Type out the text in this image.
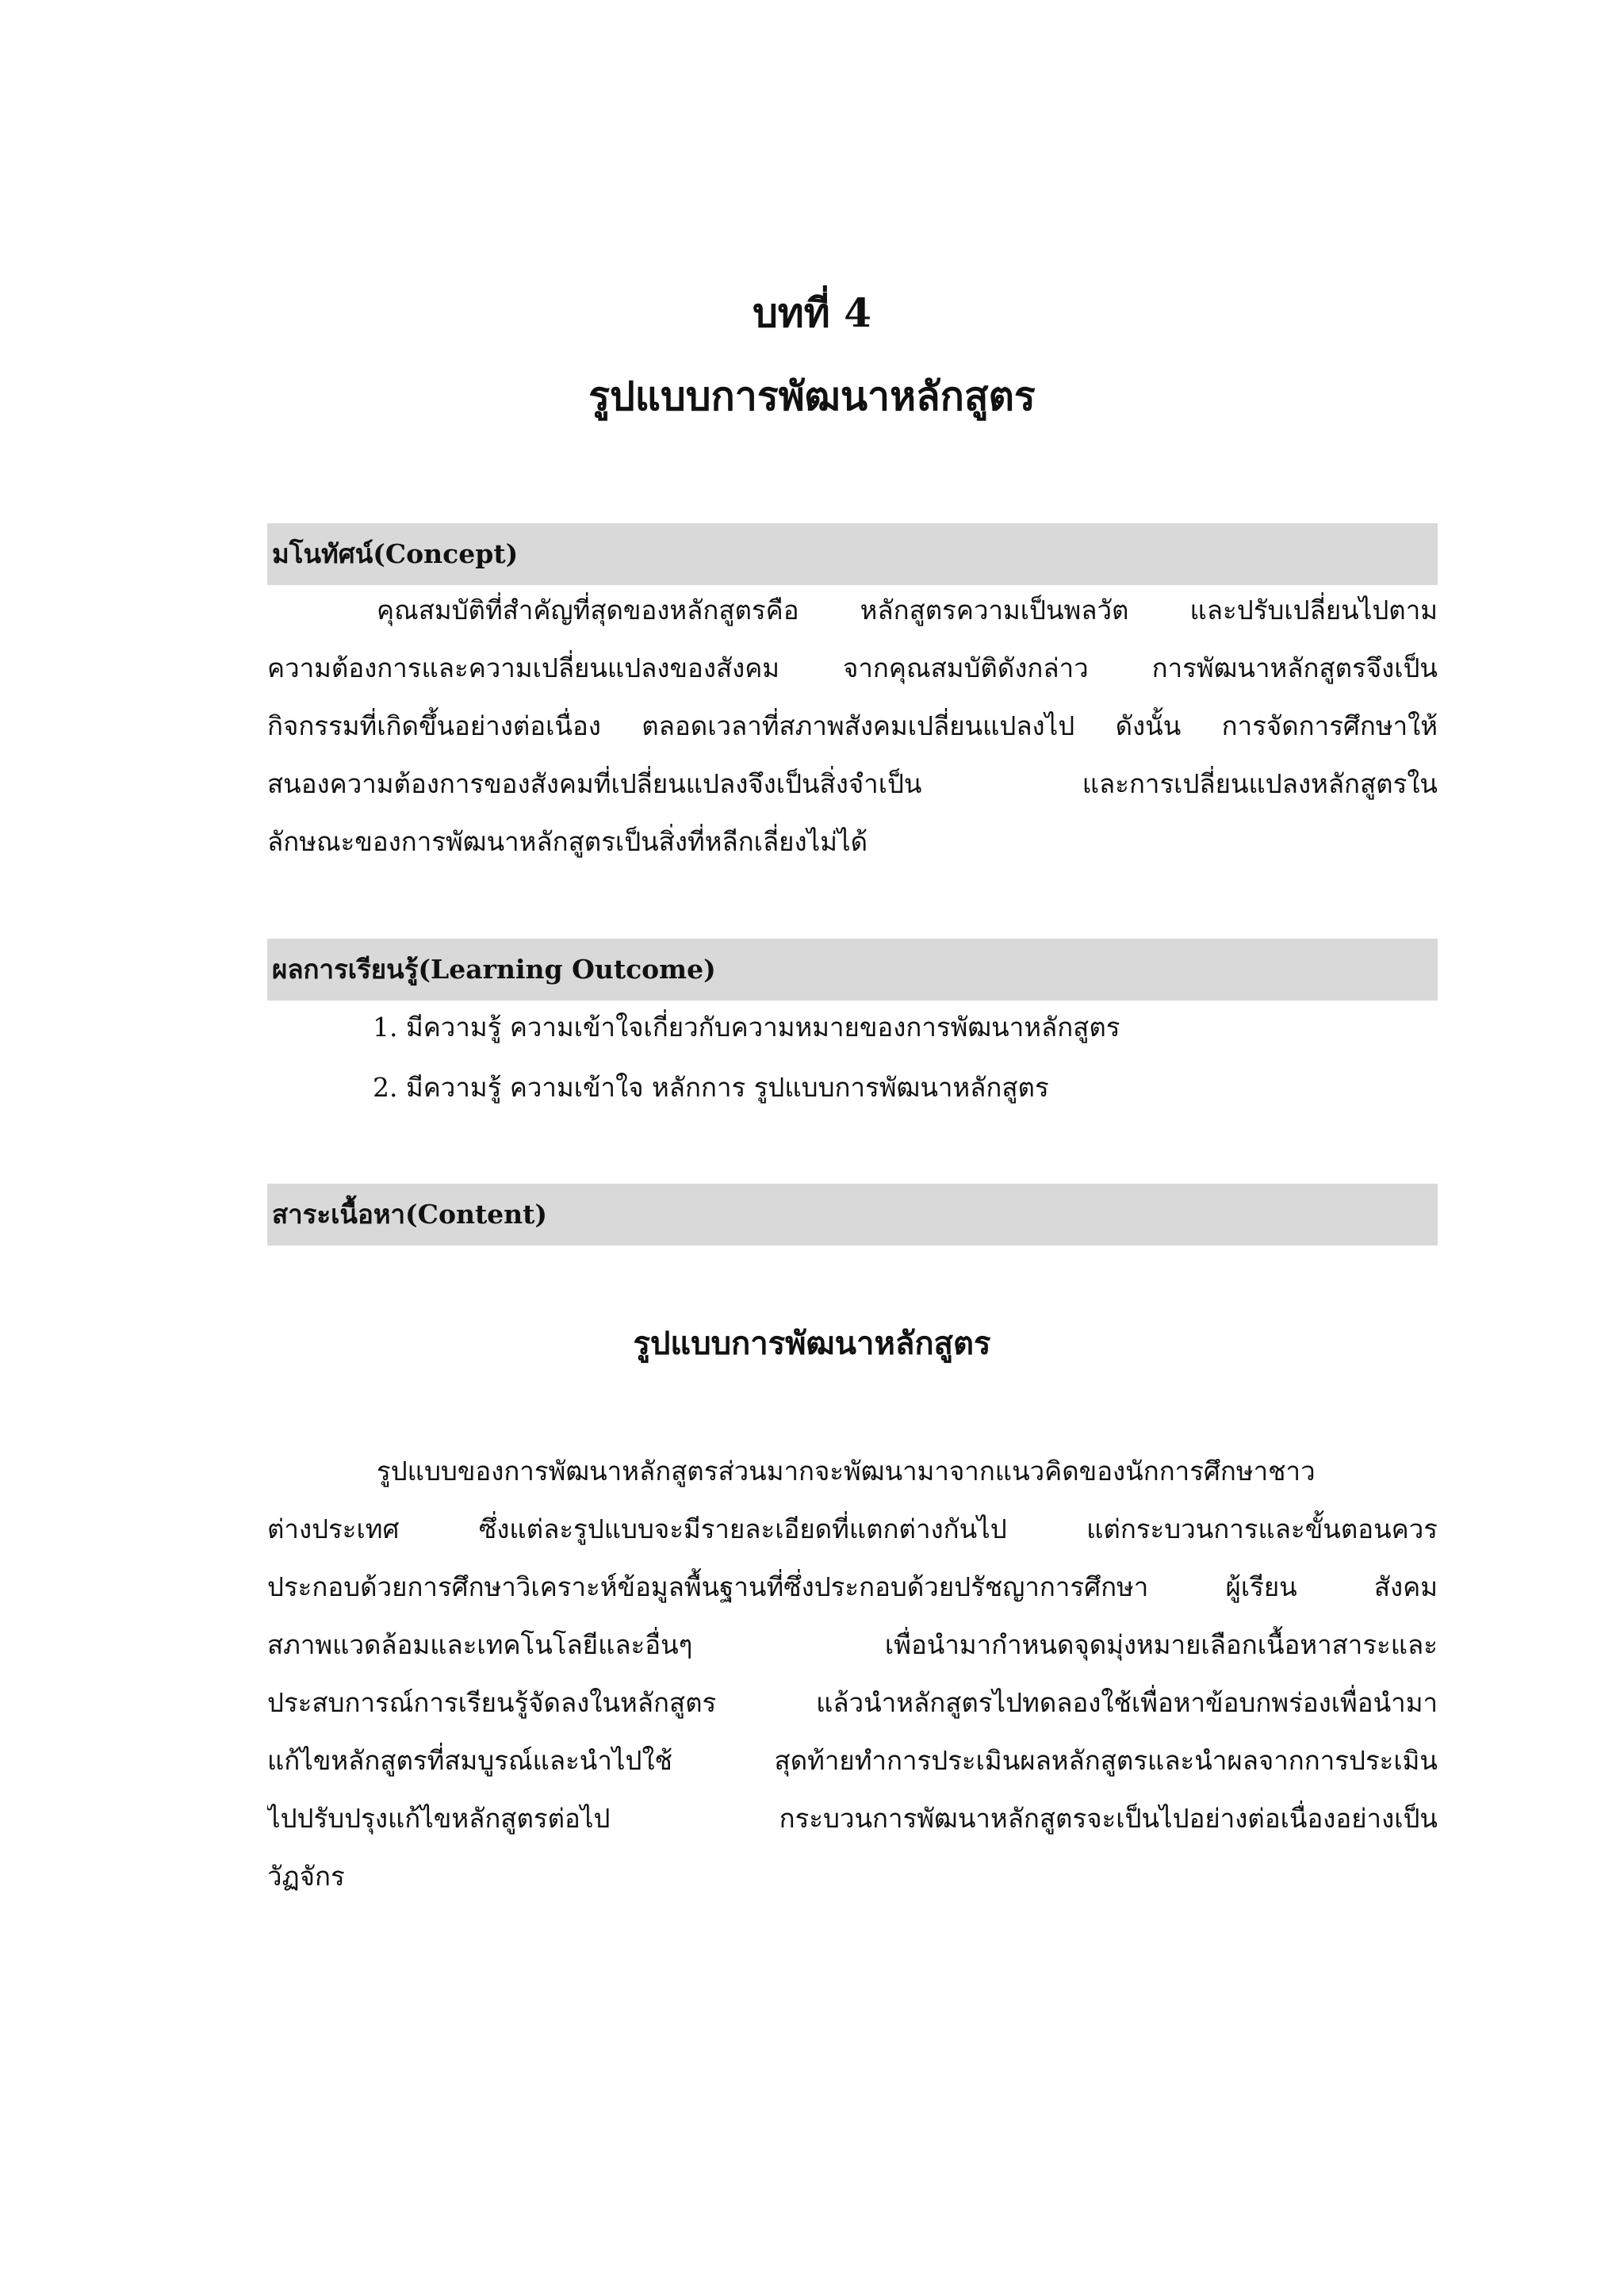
บทที่ 4
รูปแบบการพัฒนาหลักสูตร
มโนทัศน์(Concept)
คุณสมบัติที่สำคัญที่สุดของหลักสูตรคือ หลักสูตรความเป็นพลวัต และปรับเปลี่ยนไปตาม
ความต้องการและความเปลี่ยนแปลงของสังคม จากคุณสมบัติดังกล่าว การพัฒนาหลักสูตรจึงเป็น
กิจกรรมที่เกิดขึ้นอย่างต่อเนื่อง ตลอดเวลาที่สภาพสังคมเปลี่ยนแปลงไป ดังนั้น การจัดการศึกษาให้
สนองความต้องการของสังคมที่เปลี่ยนแปลงจึงเป็นสิ่งจำเป็น และการเปลี่ยนแปลงหลักสูตรใน
ลักษณะของการพัฒนาหลักสูตรเป็นสิ่งที่หลีกเลี่ยงไม่ได้
ผลการเรียนรู้(Learning Outcome)
1. มีความรู้ ความเข้าใจเกี่ยวกับความหมายของการพัฒนาหลักสูตร
2. มีความรู้ ความเข้าใจ หลักการ รูปแบบการพัฒนาหลักสูตร
สาระเนื้อหา(Content)
รูปแบบการพัฒนาหลักสูตร
รูปแบบของการพัฒนาหลักสูตรส่วนมากจะพัฒนามาจากแนวคิดของนักการศึกษาชาว
ต่างประเทศ ซึ่งแต่ละรูปแบบจะมีรายละเอียดที่แตกต่างกันไป แต่กระบวนการและขั้นตอนควร
ประกอบด้วยการศึกษาวิเคราะห์ข้อมูลพื้นฐานที่ซึ่งประกอบด้วยปรัชญาการศึกษา ผู้เรียน สังคม
สภาพแวดล้อมและเทคโนโลยีและอื่นๆ เพื่อนำมากำหนดจุดมุ่งหมายเลือกเนื้อหาสาระและ
ประสบการณ์การเรียนรู้จัดลงในหลักสูตร แล้วนำหลักสูตรไปทดลองใช้เพื่อหาข้อบกพร่องเพื่อนำมา
แก้ไขหลักสูตรที่สมบูรณ์และนำไปใช้ สุดท้ายทำการประเมินผลหลักสูตรและนำผลจากการประเมิน
ไปปรับปรุงแก้ไขหลักสูตรต่อไป กระบวนการพัฒนาหลักสูตรจะเป็นไปอย่างต่อเนื่องอย่างเป็น
วัฏจักร
